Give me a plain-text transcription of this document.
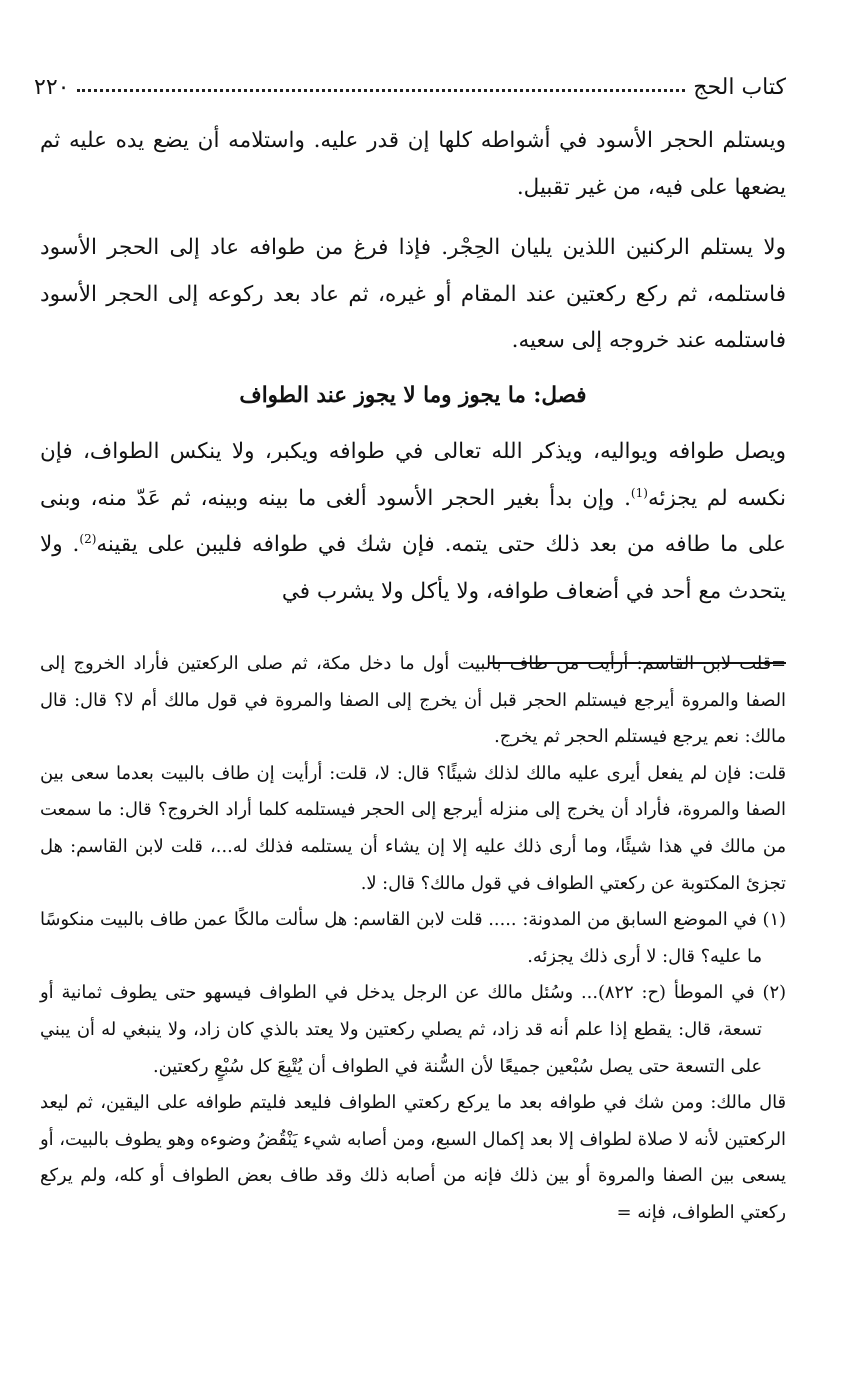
كتاب الحج
٢٢٠

ويستلم الحجر الأسود في أشواطه كلها إن قدر عليه. واستلامه أن يضع يده عليه ثم يضعها على فيه، من غير تقبيل.

ولا يستلم الركنين اللذين يليان الحِجْر. فإذا فرغ من طوافه عاد إلى الحجر الأسود فاستلمه، ثم ركع ركعتين عند المقام أو غيره، ثم عاد بعد ركوعه إلى الحجر الأسود فاستلمه عند خروجه إلى سعيه.

فصل: ما يجوز وما لا يجوز عند الطواف

ويصل طوافه ويواليه، ويذكر الله تعالى في طوافه ويكبر، ولا ينكس الطواف، فإن نكسه لم يجزئه$^{(1)}$. وإن بدأ بغير الحجر الأسود ألغى ما بينه وبينه، ثم عَدّ منه، وبنى على ما طافه من بعد ذلك حتى يتمه. فإن شك في طوافه فليبن على يقينه$^{(2)}$. ولا يتحدث مع أحد في أضعاف طوافه، ولا يأكل ولا يشرب في

=قلت لابن القاسم: أرأيت من طاف بالبيت أول ما دخل مكة، ثم صلى الركعتين فأراد الخروج إلى الصفا والمروة أيرجع فيستلم الحجر قبل أن يخرج إلى الصفا والمروة في قول مالك أم لا؟ قال: قال مالك: نعم يرجع فيستلم الحجر ثم يخرج.

قلت: فإن لم يفعل أيرى عليه مالك لذلك شيئًا؟ قال: لا، قلت: أرأيت إن طاف بالبيت بعدما سعى بين الصفا والمروة، فأراد أن يخرج إلى منزله أيرجع إلى الحجر فيستلمه كلما أراد الخروج؟ قال: ما سمعت من مالك في هذا شيئًا، وما أرى ذلك عليه إلا إن يشاء أن يستلمه فذلك له...، قلت لابن القاسم: هل تجزئ المكتوبة عن ركعتي الطواف في قول مالك؟ قال: لا.

(١) في الموضع السابق من المدونة: ..... قلت لابن القاسم: هل سألت مالكًا عمن طاف بالبيت منكوسًا ما عليه؟ قال: لا أرى ذلك يجزئه.

(٢) في الموطأ (ح: ٨٢٢)... وسُئل مالك عن الرجل يدخل في الطواف فيسهو حتى يطوف ثمانية أو تسعة، قال: يقطع إذا علم أنه قد زاد، ثم يصلي ركعتين ولا يعتد بالذي كان زاد، ولا ينبغي له أن يبني على التسعة حتى يصل سُبْعين جميعًا لأن السُّنة في الطواف أن يُتْبِعَ كل سُبْعٍ ركعتين.

قال مالك: ومن شك في طوافه بعد ما يركع ركعتي الطواف فليعد فليتم طوافه على اليقين، ثم ليعد الركعتين لأنه لا صلاة لطواف إلا بعد إكمال السبع، ومن أصابه شيء يَنْقُضُ وضوءه وهو يطوف بالبيت، أو يسعى بين الصفا والمروة أو بين ذلك فإنه من أصابه ذلك وقد طاف بعض الطواف أو كله، ولم يركع ركعتي الطواف، فإنه =
